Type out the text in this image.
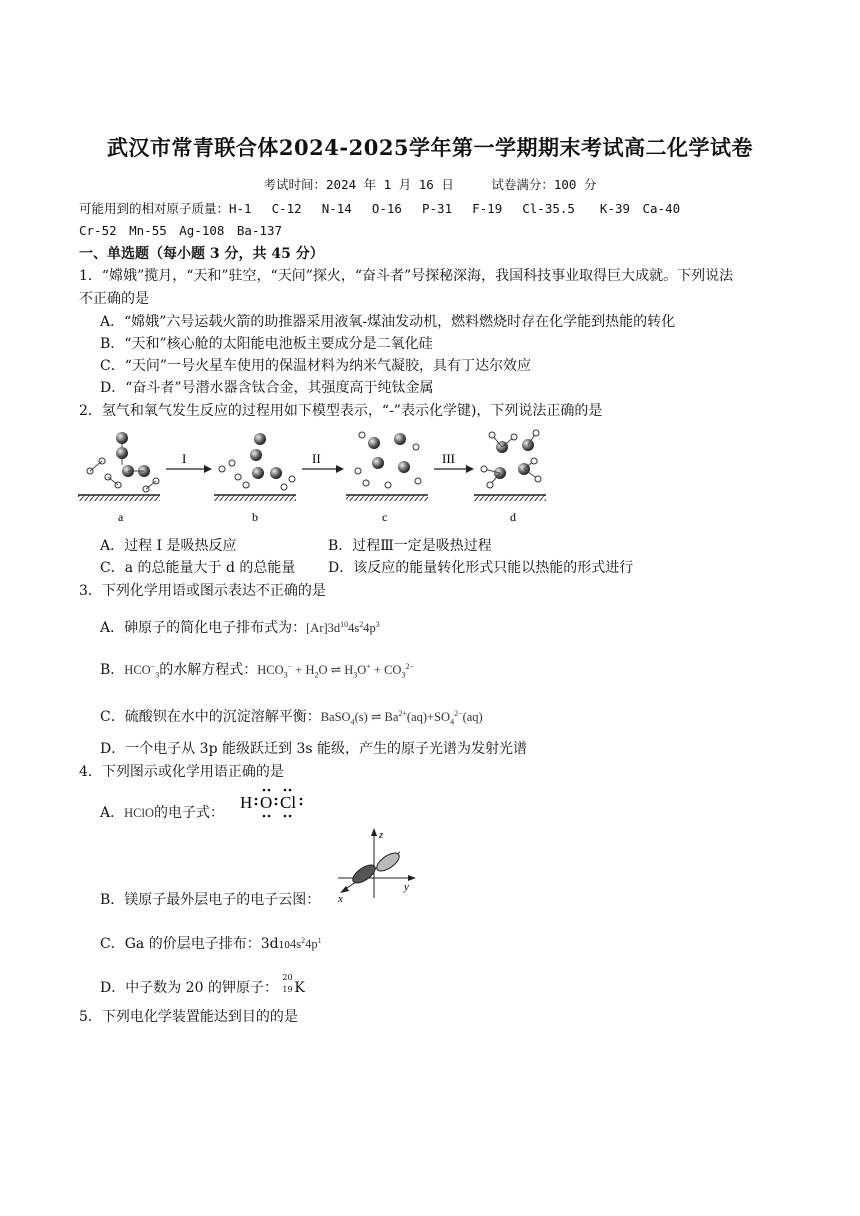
武汉市常青联合体2024-2025学年第一学期期末考试高二化学试卷
考试时间：2024 年 1 月 16 日　　　试卷满分：100 分
可能用到的相对原子质量：H-1　 C-12　 N-14　 O-16　 P-31　 F-19　 Cl-35.5　　K-39　Ca-40
Cr-52　Mn-55　Ag-108　Ba-137
一、单选题（每小题 3 分，共 45 分）
1．“嫦娥”揽月，“天和”驻空，“天问”探火，“奋斗者”号探秘深海，我国科技事业取得巨大成就。下列说法
不正确的是
A．“嫦娥”六号运载火箭的助推器采用液氧-煤油发动机，燃料燃烧时存在化学能到热能的转化
B．“天和”核心舱的太阳能电池板主要成分是二氧化硅
C．“天问”一号火星车使用的保温材料为纳米气凝胶，具有丁达尔效应
D．“奋斗者”号潜水器含钛合金，其强度高于纯钛金属
2．氢气和氧气发生反应的过程用如下模型表示，“-”表示化学键)，下列说法正确的是
a
I
b
II
c
III
d
A．过程 I 是吸热反应	B．过程Ⅲ一定是吸热过程
C．a 的总能量大于 d 的总能量 D．该反应的能量转化形式只能以热能的形式进行
3．下列化学用语或图示表达不正确的是
A．砷原子的简化电子排布式为：$[Ar]3d^{10}4s^24p^3$
B．$HCO^-_3$的水解方程式：$HCO_3^- + H_2O$ ⇌ $H_3O^+ + CO_3^{2-}$
C．硫酸钡在水中的沉淀溶解平衡：BaSO$_4$(s) ⇌ $Ba^{2+}(aq)+SO_4^{2-}(aq)$
D．一个电子从 3p 能级跃迁到 3s 能级，产生的原子光谱为发射光谱
4．下列图示或化学用语正确的是
A．HClO的电子式：
H O Cl
z
y
x
B．镁原子最外层电子的电子云图：
C．Ga 的价层电子排布：$3d104s^24p^1$
D．中子数为 20 的钾原子：
20
19 K
5．下列电化学装置能达到目的的是
